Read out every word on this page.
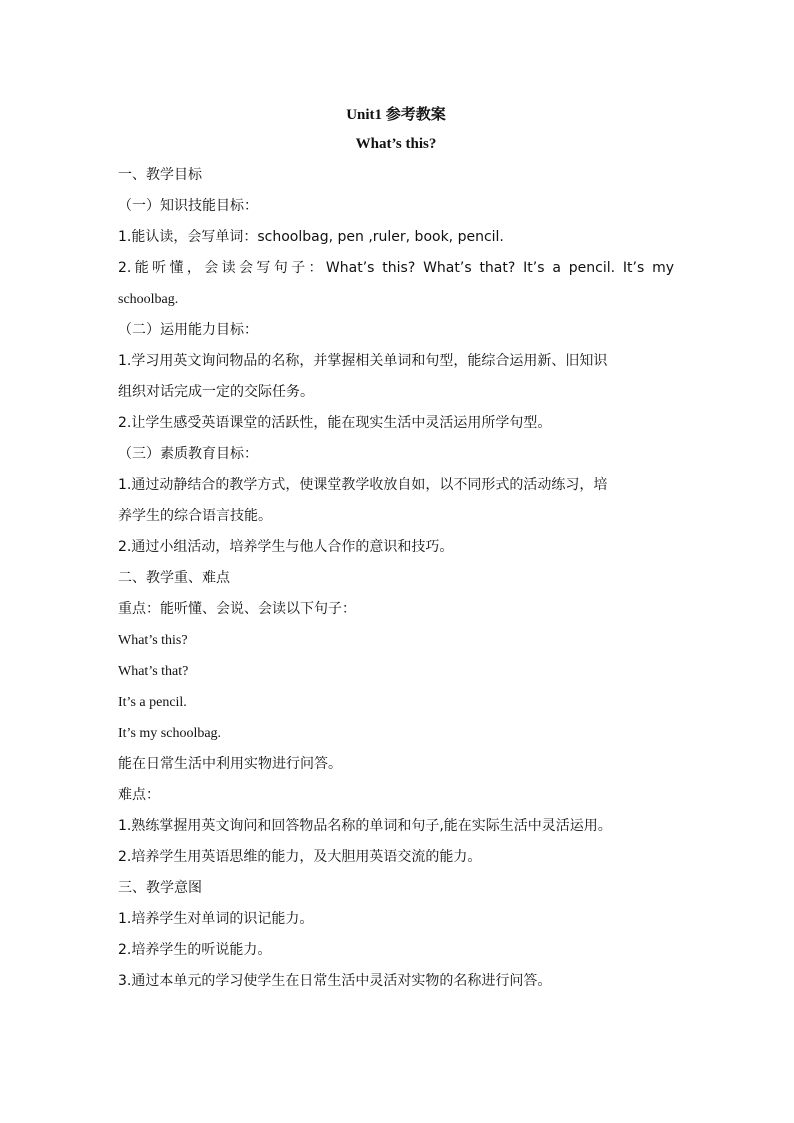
Unit1 参考教案
What’s this?
一、教学目标
（一）知识技能目标：
1.能认读，会写单词：schoolbag, pen ,ruler, book, pencil.
2.能听懂，会读会写句子：What’s this? What’s that? It’s a pencil. It’s my
schoolbag.
（二）运用能力目标：
1.学习用英文询问物品的名称，并掌握相关单词和句型，能综合运用新、旧知识
组织对话完成一定的交际任务。
2.让学生感受英语课堂的活跃性，能在现实生活中灵活运用所学句型。
（三）素质教育目标：
1.通过动静结合的教学方式，使课堂教学收放自如，以不同形式的活动练习，培
养学生的综合语言技能。
2.通过小组活动，培养学生与他人合作的意识和技巧。
二、教学重、难点
重点：能听懂、会说、会读以下句子：
What’s this?
What’s that?
It’s a pencil.
It’s my schoolbag.
能在日常生活中利用实物进行问答。
难点：
1.熟练掌握用英文询问和回答物品名称的单词和句子,能在实际生活中灵活运用。
2.培养学生用英语思维的能力，及大胆用英语交流的能力。
三、教学意图
1.培养学生对单词的识记能力。
2.培养学生的听说能力。
3.通过本单元的学习使学生在日常生活中灵活对实物的名称进行问答。
